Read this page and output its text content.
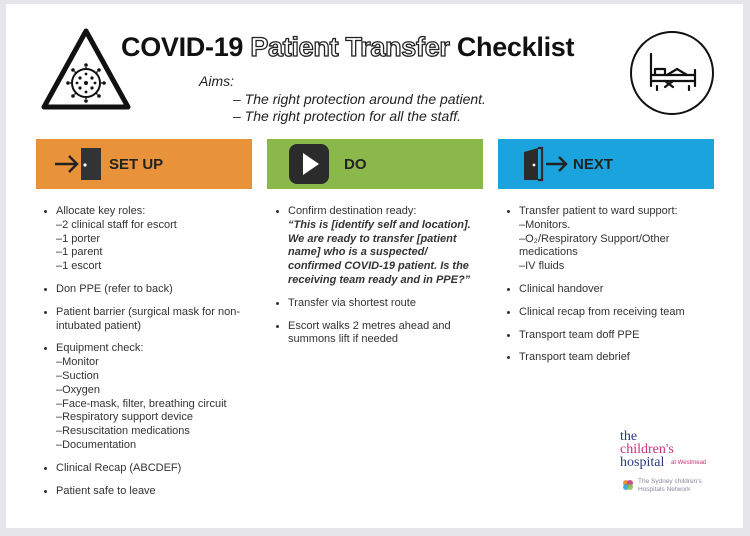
COVID-19 Patient Transfer Checklist
Aims:
– The right protection around the patient.
– The right protection for all the staff.
SET UP	DO	NEXT
• Allocate key roles:
–2 clinical staff for escort
–1 porter
–1 parent
–1 escort
• Don PPE (refer to back)
• Patient barrier (surgical mask for non-intubated patient)
• Equipment check:
–Monitor
–Suction
–Oxygen
–Face-mask, filter, breathing circuit
–Respiratory support device
–Resuscitation medications
–Documentation
• Clinical Recap (ABCDEF)
• Patient safe to leave
• Confirm destination ready:
“This is [identify self and location]. We are ready to transfer [patient name] who is a suspected/ confirmed COVID-19 patient. Is the receiving team ready and in PPE?”
• Transfer via shortest route
• Escort walks 2 metres ahead and summons lift if needed
• Transfer patient to ward support:
–Monitors.
–O₂/Respiratory Support/Other medications
–IV fluids
• Clinical handover
• Clinical recap from receiving team
• Transport team doff PPE
• Transport team debrief
the
children's
hospital at Westmead
The Sydney children's Hospitals Network
